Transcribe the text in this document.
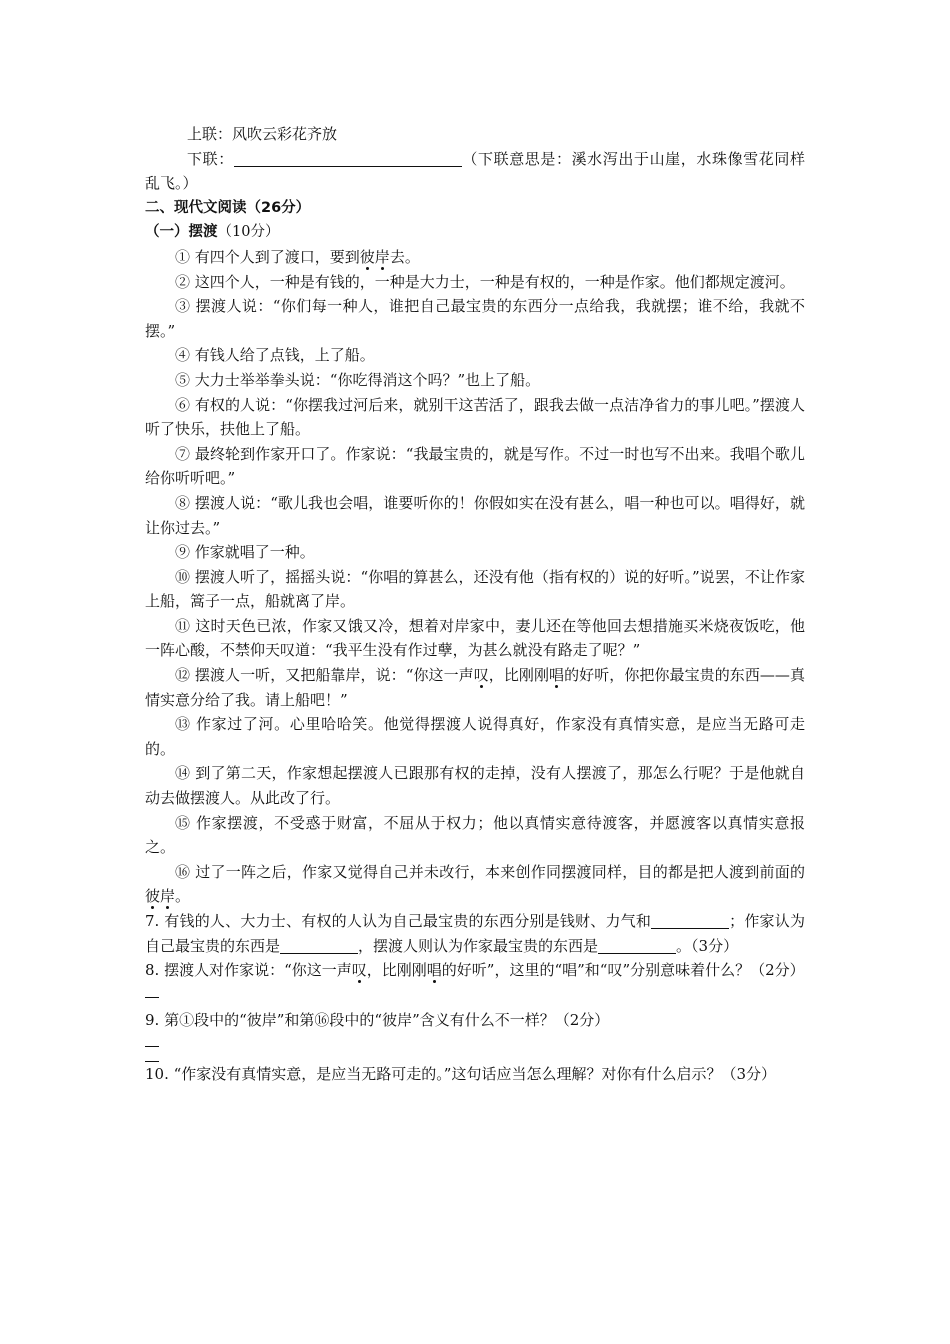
上联：风吹云彩花齐放

下联：	（下联意思是：溪水泻出于山崖，水珠像雪花同样乱飞。）

二、现代文阅读（26分）

（一）摆渡（10分）

① 有四个人到了渡口，要到彼岸去。

② 这四个人，一种是有钱的，一种是大力士，一种是有权的，一种是作家。他们都规定渡河。

③ 摆渡人说：“你们每一种人，谁把自己最宝贵的东西分一点给我，我就摆；谁不给，我就不摆。”

④ 有钱人给了点钱，上了船。

⑤ 大力士举举拳头说：“你吃得消这个吗？”也上了船。

⑥ 有权的人说：“你摆我过河后来，就别干这苦活了，跟我去做一点洁净省力的事儿吧。”摆渡人听了快乐，扶他上了船。

⑦ 最终轮到作家开口了。作家说：“我最宝贵的，就是写作。不过一时也写不出来。我唱个歌儿给你听听吧。”

⑧ 摆渡人说：“歌儿我也会唱，谁要听你的！你假如实在没有甚么，唱一种也可以。唱得好，就让你过去。”

⑨ 作家就唱了一种。

⑩ 摆渡人听了，摇摇头说：“你唱的算甚么，还没有他（指有权的）说的好听。”说罢，不让作家上船，篙子一点，船就离了岸。

⑪ 这时天色已浓，作家又饿又冷，想着对岸家中，妻儿还在等他回去想措施买米烧夜饭吃，他一阵心酸，不禁仰天叹道：“我平生没有作过孽，为甚么就没有路走了呢？”

⑫ 摆渡人一听，又把船靠岸，说：“你这一声叹，比刚刚唱的好听，你把你最宝贵的东西——真情实意分给了我。请上船吧！”

⑬ 作家过了河。心里哈哈笑。他觉得摆渡人说得真好，作家没有真情实意，是应当无路可走的。

⑭ 到了第二天，作家想起摆渡人已跟那有权的走掉，没有人摆渡了，那怎么行呢？于是他就自动去做摆渡人。从此改了行。

⑮ 作家摆渡，不受惑于财富，不屈从于权力；他以真情实意待渡客，并愿渡客以真情实意报之。

⑯ 过了一阵之后，作家又觉得自己并未改行，本来创作同摆渡同样，目的都是把人渡到前面的彼岸。

7. 有钱的人、大力士、有权的人认为自己最宝贵的东西分别是钱财、力气和	；作家认为自己最宝贵的东西是	，摆渡人则认为作家最宝贵的东西是	。（3分）

8. 摆渡人对作家说：“你这一声叹，比刚刚唱的好听”，这里的“唱”和“叹”分别意味着什么？（2分）

9. 第①段中的“彼岸”和第⑯段中的“彼岸”含义有什么不一样？（2分）

10. “作家没有真情实意，是应当无路可走的。”这句话应当怎么理解？对你有什么启示？（3分）
